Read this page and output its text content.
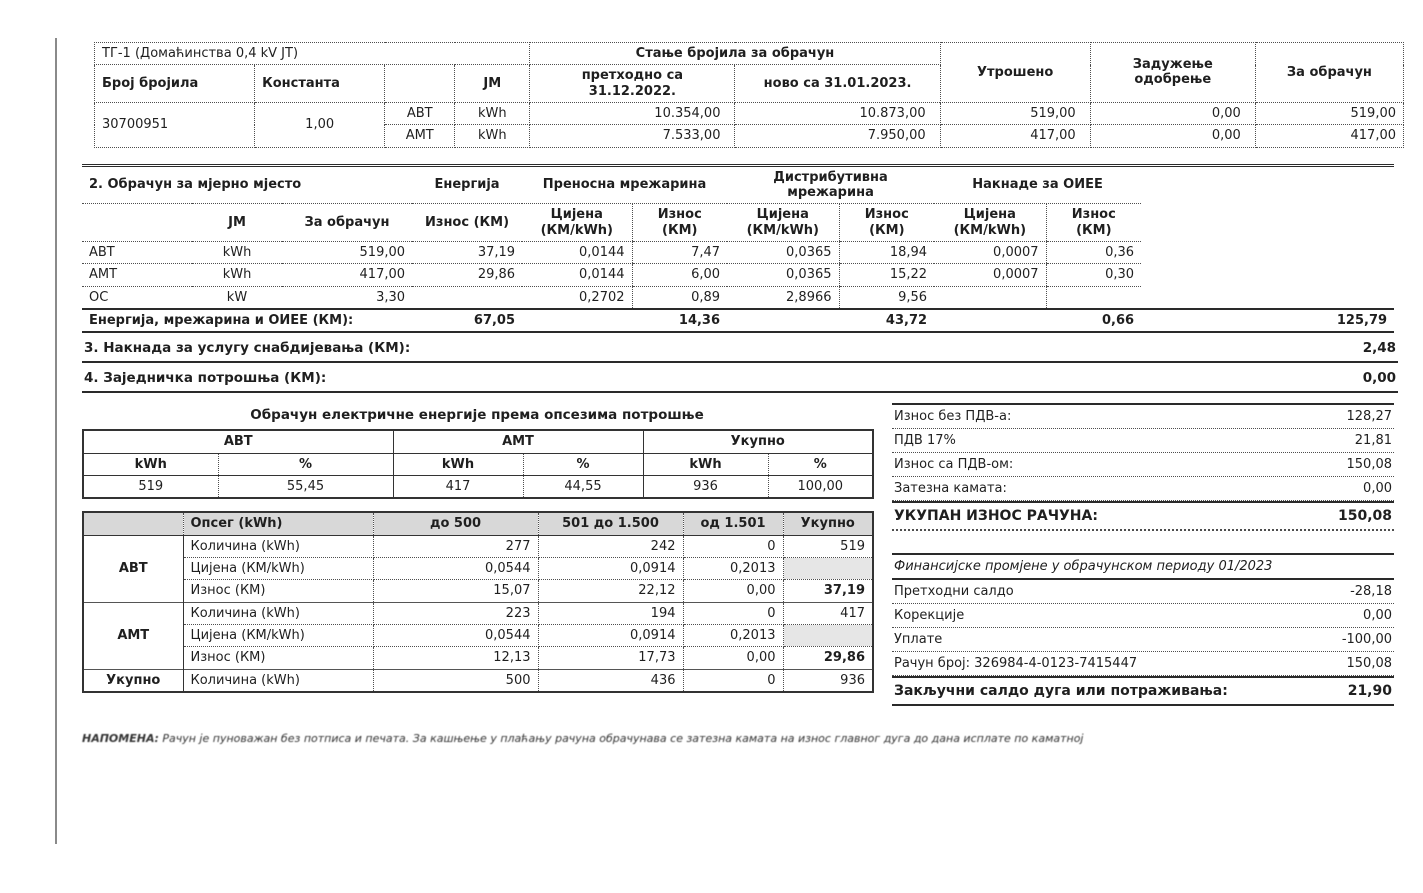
ТГ-1 (Домаћинства 0,4 kV ЈТ)				Стање бројила за обрачун		Утрошено	Задужење одобрење	За обрачун
Број бројила	Константа		ЈМ	претходно са 31.12.2022.	ново са 31.01.2023.			
30700951	1,00	АВТ	kWh	10.354,00	10.873,00	519,00	0,00	519,00
		АМТ	kWh	7.533,00	7.950,00	417,00	0,00	417,00
2. Обрачун за мјерно мјесто			Енергија	Преносна мрежарина		Дистрибутивна мрежарина		Накнаде за ОИЕЕ		
	ЈМ	За обрачун	Износ (КМ)	Цијена (КМ/kWh)	Износ (КМ)	Цијена (КМ/kWh)	Износ (КМ)	Цијена (КМ/kWh)	Износ (КМ)	
АВТ	kWh	519,00	37,19	0,0144	7,47	0,0365	18,94	0,0007	0,36	
АМТ	kWh	417,00	29,86	0,0144	6,00	0,0365	15,22	0,0007	0,30	
ОС	kW	3,30		0,2702	0,89	2,8966	9,56			
Енергија, мрежарина и ОИЕЕ (КМ):			67,05	14,36		43,72		0,66		125,79
3. Накнада за услугу снабдијевања (КМ):	2,48
4. Заједничка потрошња (КМ):	0,00
Обрачун електричне енергије према опсезима потрошње
АВТ		АМТ		Укупно	
kWh	%	kWh	%	kWh	%
519	55,45	417	44,55	936	100,00
	Опсег (kWh)	до 500	501 до 1.500	од 1.501	Укупно
АВТ	Количина (kWh)	277	242	0	519
	Цијена (КМ/kWh)	0,0544	0,0914	0,2013	
	Износ (КМ)	15,07	22,12	0,00	37,19
АМТ	Количина (kWh)	223	194	0	417
	Цијена (КМ/kWh)	0,0544	0,0914	0,2013	
	Износ (КМ)	12,13	17,73	0,00	29,86
Укупно	Количина (kWh)	500	436	0	936
Износ без ПДВ-а:	128,27
ПДВ 17%	21,81
Износ са ПДВ-ом:	150,08
Затезна камата:	0,00
УКУПАН ИЗНОС РАЧУНА:	150,08
Финансијске промјене у обрачунском периоду 01/2023
Претходни салдо	-28,18
Корекције	0,00
Уплате	-100,00
Рачун број: 326984-4-0123-7415447	150,08
Закључни салдо дуга или потраживања:	21,90
НАПОМЕНА: Рачун је пуноважан без потписа и печата. За кашњење у плаћању рачуна обрачунава се затезна камата на износ главног дуга до дана исплате по каматној
